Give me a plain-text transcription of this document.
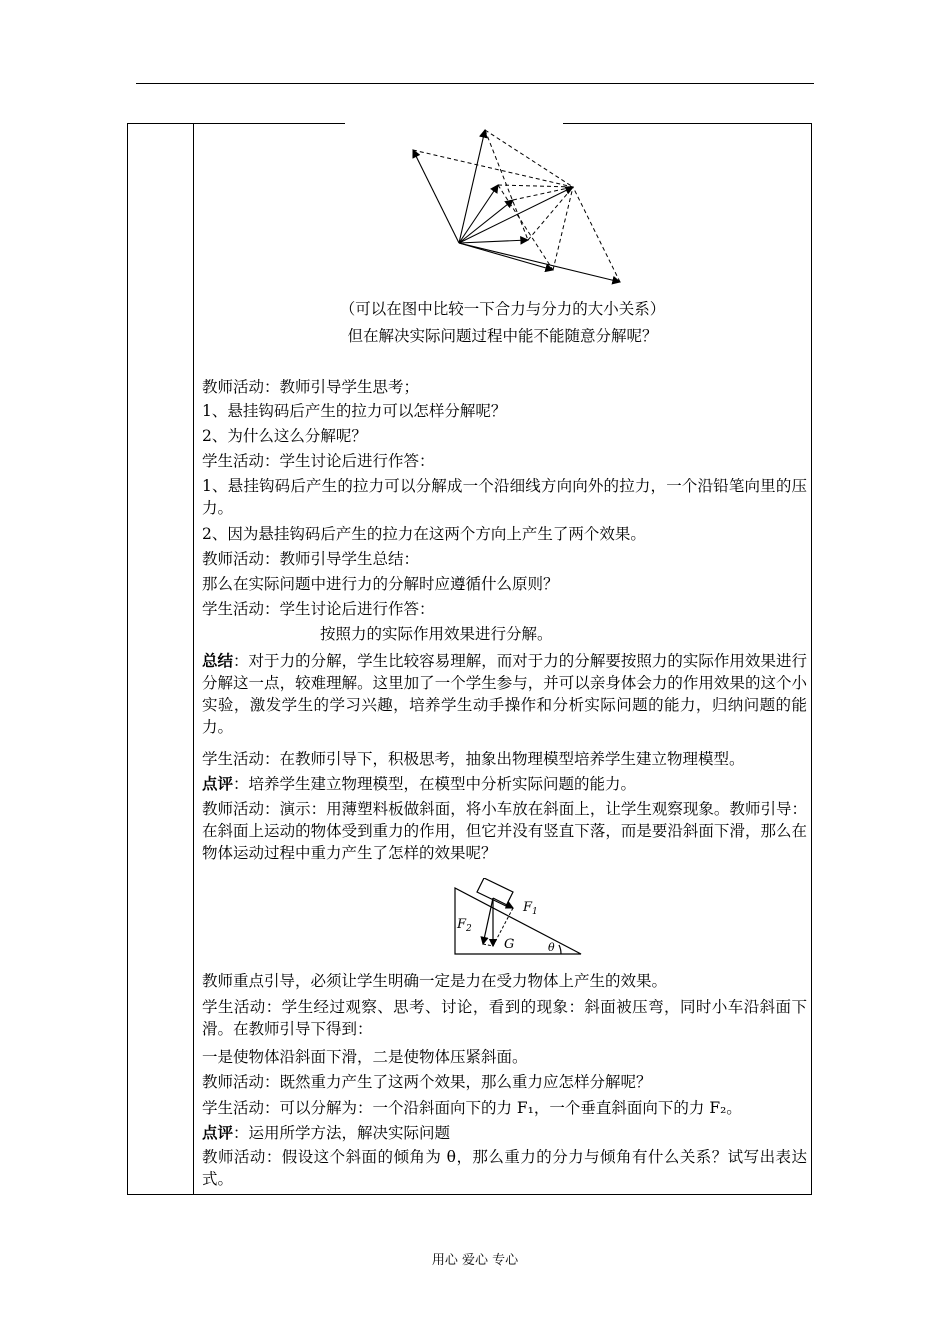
（可以在图中比较一下合力与分力的大小关系）
但在解决实际问题过程中能不能随意分解呢？
教师活动：教师引导学生思考；
1、悬挂钩码后产生的拉力可以怎样分解呢？
2、为什么这么分解呢？
学生活动：学生讨论后进行作答：
1、悬挂钩码后产生的拉力可以分解成一个沿细线方向向外的拉力，一个沿铅笔向里的压力。
2、因为悬挂钩码后产生的拉力在这两个方向上产生了两个效果。
教师活动：教师引导学生总结：
那么在实际问题中进行力的分解时应遵循什么原则？
学生活动：学生讨论后进行作答：
按照力的实际作用效果进行分解。
总结：对于力的分解，学生比较容易理解，而对于力的分解要按照力的实际作用效果进行分解这一点，较难理解。这里加了一个学生参与，并可以亲身体会力的作用效果的这个小实验，激发学生的学习兴趣，培养学生动手操作和分析实际问题的能力，归纳问题的能力。
学生活动：在教师引导下，积极思考，抽象出物理模型培养学生建立物理模型。
点评：培养学生建立物理模型，在模型中分析实际问题的能力。
教师活动：演示：用薄塑料板做斜面，将小车放在斜面上，让学生观察现象。教师引导：在斜面上运动的物体受到重力的作用，但它并没有竖直下落，而是要沿斜面下滑，那么在物体运动过程中重力产生了怎样的效果呢？
$F_1$
$F_2$
G	θ
教师重点引导，必须让学生明确一定是力在受力物体上产生的效果。
学生活动：学生经过观察、思考、讨论，看到的现象：斜面被压弯，同时小车沿斜面下滑。在教师引导下得到：
一是使物体沿斜面下滑，二是使物体压紧斜面。
教师活动：既然重力产生了这两个效果，那么重力应怎样分解呢？
学生活动：可以分解为：一个沿斜面向下的力 F₁，一个垂直斜面向下的力 F₂。
点评：运用所学方法，解决实际问题
教师活动：假设这个斜面的倾角为 θ，那么重力的分力与倾角有什么关系？试写出表达式。
用心 爱心 专心
